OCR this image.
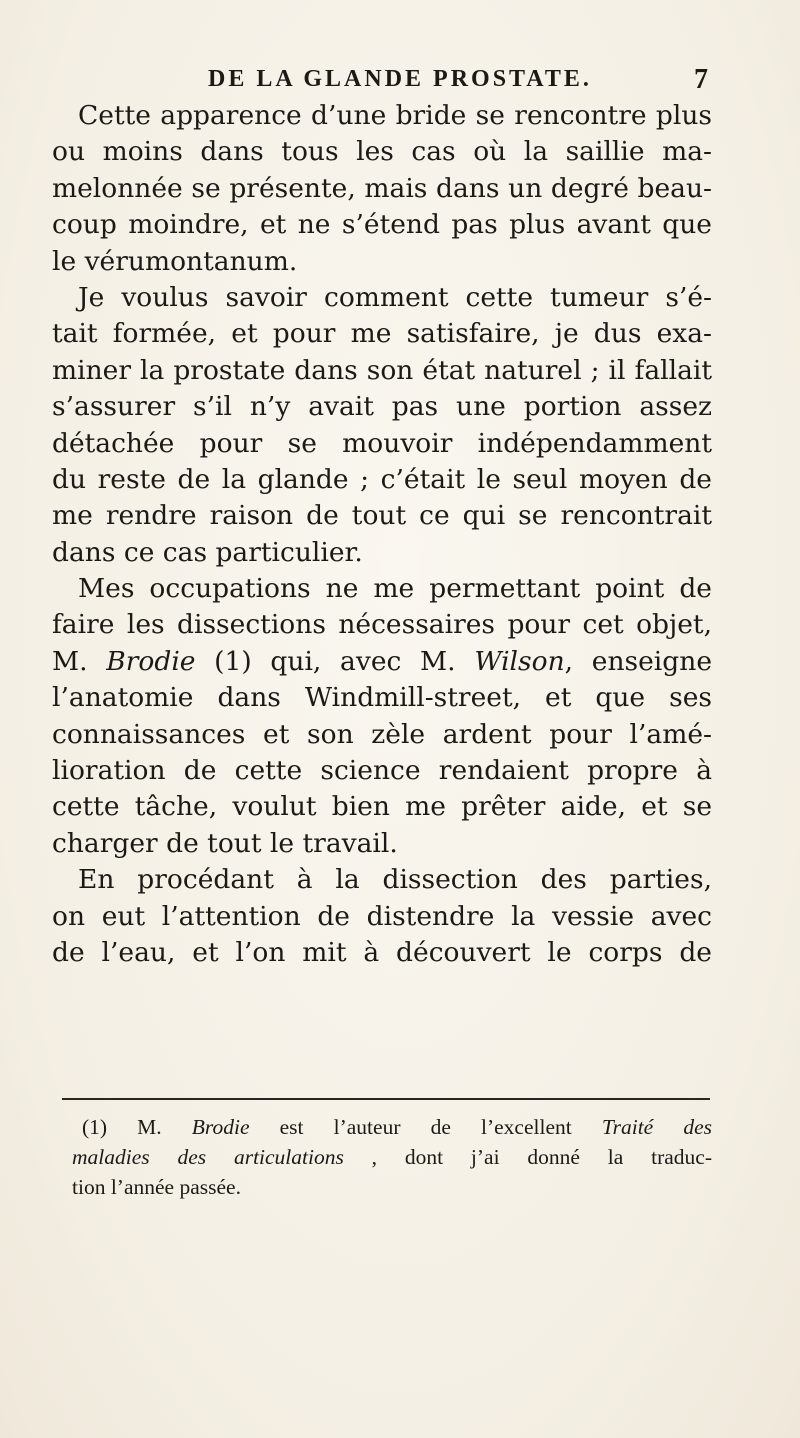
DE LA GLANDE PROSTATE.	7
Cette apparence d’une bride se rencontre plus
ou moins dans tous les cas où la saillie ma-
melonnée se présente, mais dans un degré beau-
coup moindre, et ne s’étend pas plus avant que
le vérumontanum.
Je voulus savoir comment cette tumeur s’é-
tait formée, et pour me satisfaire, je dus exa-
miner la prostate dans son état naturel ; il fallait
s’assurer s’il n’y avait pas une portion assez
détachée pour se mouvoir indépendamment
du reste de la glande ; c’était le seul moyen de
me rendre raison de tout ce qui se rencontrait
dans ce cas particulier.
Mes occupations ne me permettant point de
faire les dissections nécessaires pour cet objet,
M. Brodie (1) qui, avec M. Wilson, enseigne
l’anatomie dans Windmill-street, et que ses
connaissances et son zèle ardent pour l’amé-
lioration de cette science rendaient propre à
cette tâche, voulut bien me prêter aide, et se
charger de tout le travail.
En procédant à la dissection des parties,
on eut l’attention de distendre la vessie avec
de l’eau, et l’on mit à découvert le corps de
(1) M. Brodie est l’auteur de l’excellent Traité des
maladies des articulations , dont j’ai donné la traduc-
tion l’année passée.
